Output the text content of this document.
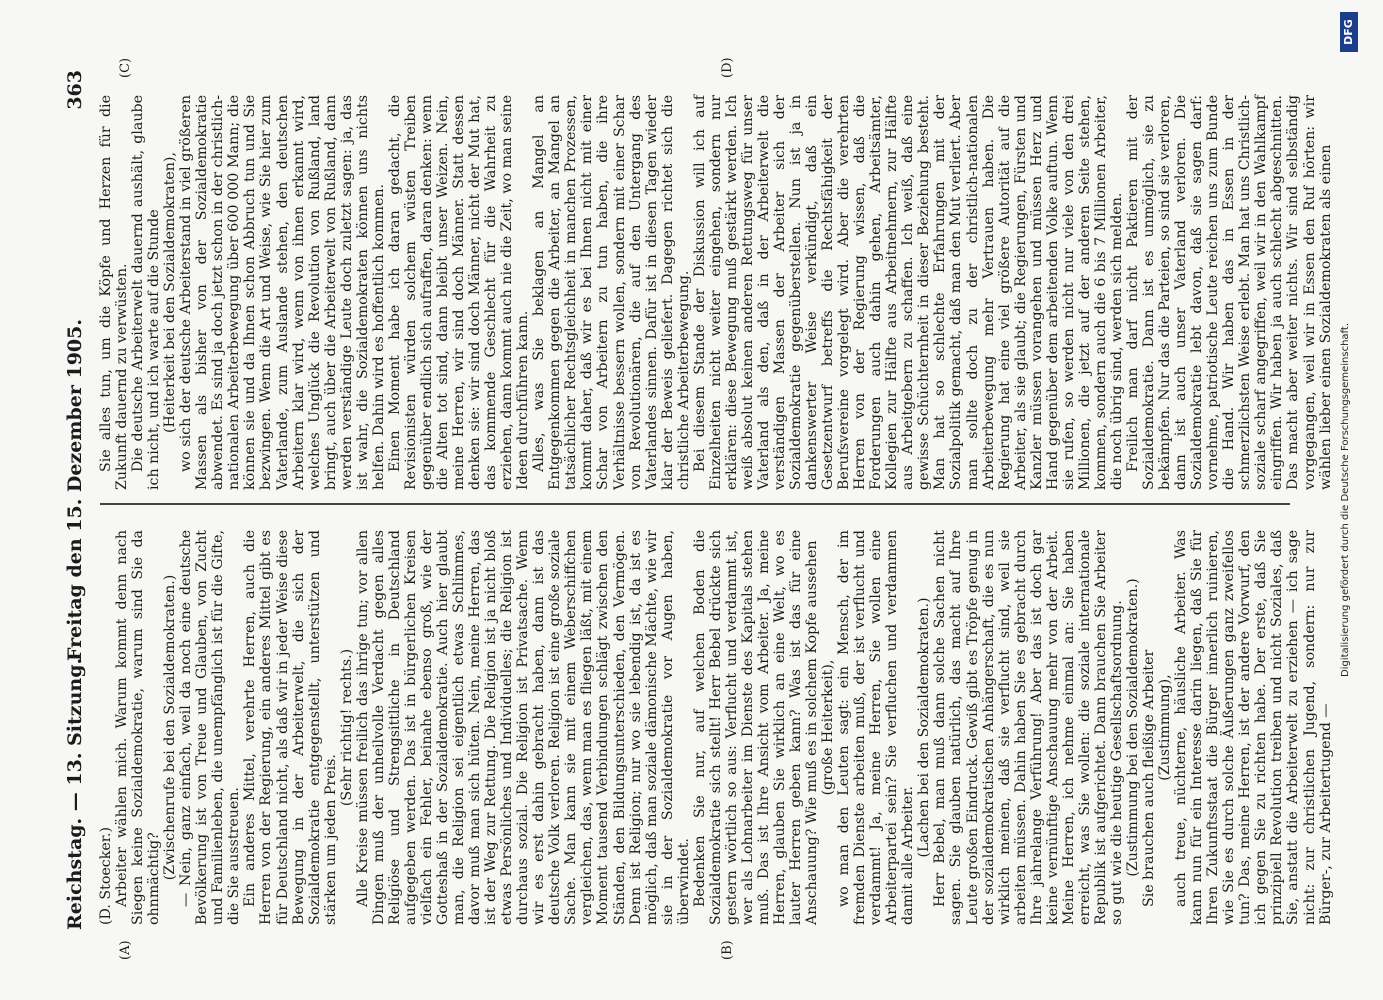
Reichstag. — 13. Sitzung.
Freitag den 15. Dezember 1905.
363
(A)	(B)
(C)	(D)

(D. Stoecker.) Arbeiter wählen mich. Warum kommt denn nach Siegen keine Sozialdemokratie, warum sind Sie da ohnmächtig? (Zwischenrufe bei den Sozialdemokraten.) — Nein, ganz einfach, weil da noch eine deutsche Bevölkerung ist von Treue und Glauben, von Zucht und Familienleben, die unempfänglich ist für die Gifte, die Sie ausstreuen. Ein anderes Mittel, verehrte Herren, auch die Herren von der Regierung, ein anderes Mittel gibt es für Deutschland nicht, als daß wir in jeder Weise diese Bewegung in der Arbeiterwelt, die sich der Sozialdemokratie entgegenstellt, unterstützen und stärken um jeden Preis.

(Sehr richtig! rechts.) Alle Kreise müssen freilich das ihrige tun; vor allen Dingen muß der unheilvolle Verdacht gegen alles Religiöse und Strengsittliche in Deutschland aufgegeben werden. Das ist in bürgerlichen Kreisen vielfach ein Fehler, beinahe ebenso groß, wie der Gotteshaß in der Sozialdemokratie. Auch hier glaubt man, die Religion sei eigentlich etwas Schlimmes, davor muß man sich hüten. Nein, meine Herren, das ist der Weg zur Rettung. Die Religion ist ja nicht bloß etwas Persönliches und Individuelles; die Religion ist durchaus sozial. Die Religion ist Privatsache. Wenn wir es erst dahin gebracht haben, dann ist das deutsche Volk verloren. Religion ist eine große soziale Sache. Man kann sie mit einem Weberschiffchen vergleichen, das, wenn man es fliegen läßt, mit einem Moment tausend Verbindungen schlägt zwischen den Ständen, den Bildungsunterschieden, den Vermögen. Denn ist Religion; nur wo sie lebendig ist, da ist es möglich, daß man soziale dämonische Mächte, wie wir sie in der Sozialdemokratie vor Augen haben, überwindet. Bedenken Sie nur, auf welchen Boden die Sozialdemokratie sich stellt! Herr Bebel drückte sich gestern wörtlich so aus: Verflucht und verdammt ist, wer als Lohnarbeiter im Dienste des Kapitals stehen muß. Das ist Ihre Ansicht vom Arbeiter. Ja, meine Herren, glauben Sie wirklich an eine Welt, wo es lauter Herren geben kann? Was ist das für eine Anschauung? Wie muß es in solchem Kopfe aussehen (große Heiterkeit), wo man den Leuten sagt: ein Mensch, der im fremden Dienste arbeiten muß, der ist verflucht und verdammt! Ja, meine Herren, Sie wollen eine Arbeiterpartei sein? Sie verfluchen und verdammen damit alle Arbeiter. (Lachen bei den Sozialdemokraten.) Herr Bebel, man muß dann solche Sachen nicht sagen. Sie glauben natürlich, das macht auf Ihre Leute großen Eindruck. Gewiß gibt es Tröpfe genug in der sozialdemokratischen Anhängerschaft, die es nun wirklich meinen, daß sie verflucht sind, weil sie arbeiten müssen. Dahin haben Sie es gebracht durch Ihre jahrelange Verführung! Aber das ist doch gar keine vernünftige Anschauung mehr von der Arbeit. Meine Herren, ich nehme einmal an: Sie haben erreicht, was Sie wollen: die soziale internationale Republik ist aufgerichtet. Dann brauchen Sie Arbeiter so gut wie die heutige Gesellschaftsordnung. (Zustimmung bei den Sozialdemokraten.) Sie brauchen auch fleißige Arbeiter (Zustimmung), auch treue, nüchterne, häusliche Arbeiter. Was kann nun für ein Interesse darin liegen, daß Sie für Ihren Zukunftsstaat die Bürger innerlich ruinieren, wie Sie es durch solche Äußerungen ganz zweifellos tun? Das, meine Herren, ist der andere Vorwurf, den ich gegen Sie zu richten habe. Der erste, daß Sie prinzipiell Revolution treiben und nicht Soziales, daß Sie, anstatt die Arbeiterwelt zu erziehen — ich sage nicht: zur christlichen Jugend, sondern: nur zur Bürger-, zur Arbeitertugend —

Sie alles tun, um die Köpfe und Herzen für die Zukunft dauernd zu verwüsten. Die deutsche Arbeiterwelt dauernd aushält, glaube ich nicht, und ich warte auf die Stunde (Heiterkeit bei den Sozialdemokraten), wo sich der deutsche Arbeiterstand in viel größeren Massen als bisher von der Sozialdemokratie abwendet. Es sind ja doch jetzt schon in der christlich-nationalen Arbeiterbewegung über 600 000 Mann; die können sie und da Ihnen schon Abbruch tun und Sie bezwingen. Wenn die Art und Weise, wie Sie hier zum Vaterlande, zum Auslande stehen, den deutschen Arbeitern klar wird, wenn von ihnen erkannt wird, welches Unglück die Revolution von Rußland, land bringt, auch über die Arbeiterwelt von Rußland, dann werden verständige Leute doch zuletzt sagen: ja, das ist wahr, die Sozialdemokraten können uns nichts helfen. Dahin wird es hoffentlich kommen. Einen Moment habe ich daran gedacht, die Revisionisten würden solchem wüsten Treiben gegenüber endlich sich aufraffen, daran denken: wenn die Alten tot sind, dann bleibt unser Weizen. Nein, meine Herren, wir sind doch Männer. Statt dessen denken sie: wir sind doch Männer, nicht der Mut hat, das kommende Geschlecht für die Wahrheit zu erziehen, dann kommt auch nie die Zeit, wo man seine Ideen durchführen kann. Alles, was Sie beklagen an Mangel an Entgegenkommen gegen die Arbeiter, an Mangel an tatsächlicher Rechtsgleichheit in manchen Prozessen, kommt daher, daß wir es bei Ihnen nicht mit einer Schar von Arbeitern zu tun haben, die ihre Verhältnisse bessern wollen, sondern mit einer Schar von Revolutionären, die auf den Untergang des Vaterlandes sinnen. Dafür ist in diesen Tagen wieder klar der Beweis geliefert. Dagegen richtet sich die christliche Arbeiterbewegung. Bei diesem Stande der Diskussion will ich auf Einzelheiten nicht weiter eingehen, sondern nur erklären: diese Bewegung muß gestärkt werden. Ich weiß absolut keinen anderen Rettungsweg für unser Vaterland als den, daß in der Arbeiterwelt die verständigen Massen der Arbeiter sich der Sozialdemokratie gegenüberstellen. Nun ist ja in dankenswerter Weise verkündigt, daß ein Gesetzentwurf betreffs die Rechtsfähigkeit der Berufsvereine vorgelegt wird. Aber die verehrten Herren von der Regierung wissen, daß die Forderungen auch dahin gehen, Arbeitsämter, Kollegien zur Hälfte aus Arbeitnehmern, zur Hälfte aus Arbeitgebern zu schaffen. Ich weiß, daß eine gewisse Schüchternheit in dieser Beziehung besteht. Man hat so schlechte Erfahrungen mit der Sozialpolitik gemacht, daß man den Mut verliert. Aber man sollte doch zu der christlich-nationalen Arbeiterbewegung mehr Vertrauen haben. Die Regierung hat eine viel größere Autorität auf die Arbeiter, als sie glaubt; die Regierungen, Fürsten und Kanzler müssen vorangehen und müssen Herz und Hand gegenüber dem arbeitenden Volke auftun. Wenn sie rufen, so werden nicht nur viele von den drei Millionen, die jetzt auf der anderen Seite stehen, kommen, sondern auch die 6 bis 7 Millionen Arbeiter, die noch übrig sind, werden sich melden. Freilich man darf nicht Paktieren mit der Sozialdemokratie. Dann ist es unmöglich, sie zu bekämpfen. Nur das die Parteien, so sind sie verloren, dann ist auch unser Vaterland verloren. Die Sozialdemokratie lebt davon, daß sie sagen darf: vornehme, patriotische Leute reichen uns zum Bunde die Hand. Wir haben das in Essen in der schmerzlichsten Weise erlebt. Man hat uns Christlich-soziale scharf angegriffen, weil wir in den Wahlkampf eingriffen. Wir haben ja auch schlecht abgeschnitten. Das macht aber weiter nichts. Wir sind selbständig vorgegangen, weil wir in Essen den Ruf hörten: wir wählen lieber einen Sozialdemokraten als einen

Digitalisierung gefördert durch die Deutsche Forschungsgemeinschaft.
DFG
